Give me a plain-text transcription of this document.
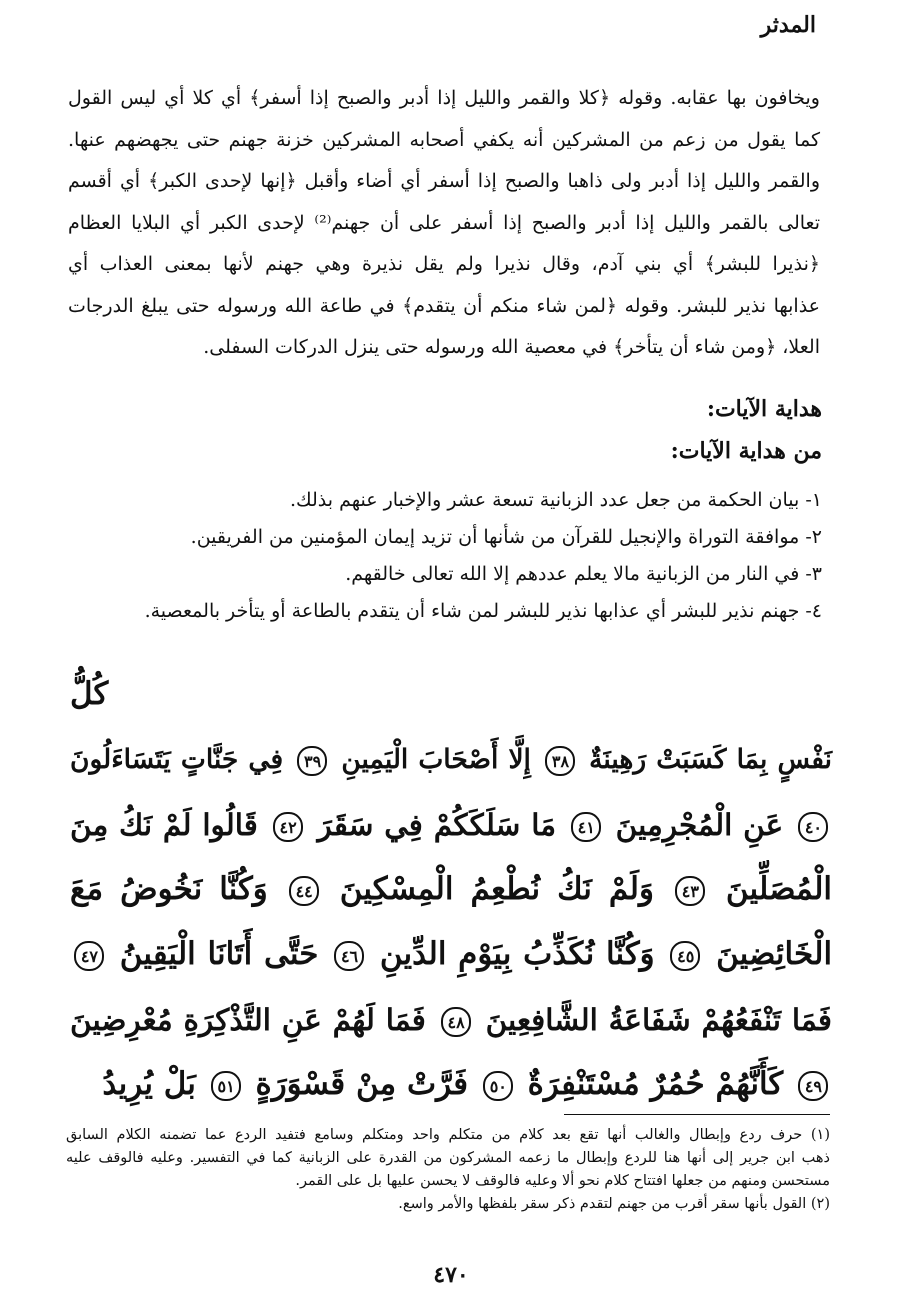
المدثر
ويخافون بها عقابه. وقوله ﴿كلا والقمر والليل إذا أدبر والصبح إذا أسفر﴾ أي كلا أي ليس القول
كما يقول من زعم من المشركين أنه يكفي أصحابه المشركين خزنة جهنم حتى يجهضهم عنها.
والقمر والليل إذا أدبر ولى ذاهبا والصبح إذا أسفر أي أضاء وأقبل ﴿إنها لإحدى الكبر﴾ أي أقسم
تعالى بالقمر والليل إذا أدبر والصبح إذا أسفر على أن جهنم⁽²⁾ لإحدى الكبر أي البلايا العظام
﴿نذيرا للبشر﴾ أي بني آدم، وقال نذيرا ولم يقل نذيرة وهي جهنم لأنها بمعنى العذاب أي
عذابها نذير للبشر. وقوله ﴿لمن شاء منكم أن يتقدم﴾ في طاعة الله ورسوله حتى يبلغ الدرجات
العلا، ﴿ومن شاء أن يتأخر﴾ في معصية الله ورسوله حتى ينزل الدركات السفلى.
هداية الآيات:
من هداية الآيات:
١- بيان الحكمة من جعل عدد الزبانية تسعة عشر والإخبار عنهم بذلك.
٢- موافقة التوراة والإنجيل للقرآن من شأنها أن تزيد إيمان المؤمنين من الفريقين.
٣- في النار من الزبانية مالا يعلم عددهم إلا الله تعالى خالقهم.
٤- جهنم نذير للبشر أي عذابها نذير للبشر لمن شاء أن يتقدم بالطاعة أو يتأخر بالمعصية.
كُلُّ
نَفْسٍ بِمَا كَسَبَتْ رَهِينَةٌ ٣٨ إِلَّا أَصْحَابَ الْيَمِينِ ٣٩ فِي جَنَّاتٍ يَتَسَاءَلُونَ
٤٠ عَنِ الْمُجْرِمِينَ ٤١ مَا سَلَكَكُمْ فِي سَقَرَ ٤٢ قَالُوا لَمْ نَكُ مِنَ
الْمُصَلِّينَ ٤٣ وَلَمْ نَكُ نُطْعِمُ الْمِسْكِينَ ٤٤ وَكُنَّا نَخُوضُ مَعَ
الْخَائِضِينَ ٤٥ وَكُنَّا نُكَذِّبُ بِيَوْمِ الدِّينِ ٤٦ حَتَّى أَتَانَا الْيَقِينُ ٤٧
فَمَا تَنْفَعُهُمْ شَفَاعَةُ الشَّافِعِينَ ٤٨ فَمَا لَهُمْ عَنِ التَّذْكِرَةِ مُعْرِضِينَ
٤٩ كَأَنَّهُمْ حُمُرٌ مُسْتَنْفِرَةٌ ٥٠ فَرَّتْ مِنْ قَسْوَرَةٍ ٥١ بَلْ يُرِيدُ
(١) حرف ردع وإبطال والغالب أنها تقع بعد كلام من متكلم واحد ومتكلم وسامع فتفيد الردع عما تضمنه الكلام السابق
ذهب ابن جرير إلى أنها هنا للردع وإبطال ما زعمه المشركون من القدرة على الزبانية كما في التفسير. وعليه فالوقف عليه
مستحسن ومنهم من جعلها افتتاح كلام نحو ألا وعليه فالوقف لا يحسن عليها بل على القمر.
(٢) القول بأنها سقر أقرب من جهنم لتقدم ذكر سقر بلفظها والأمر واسع.
٤٧٠
